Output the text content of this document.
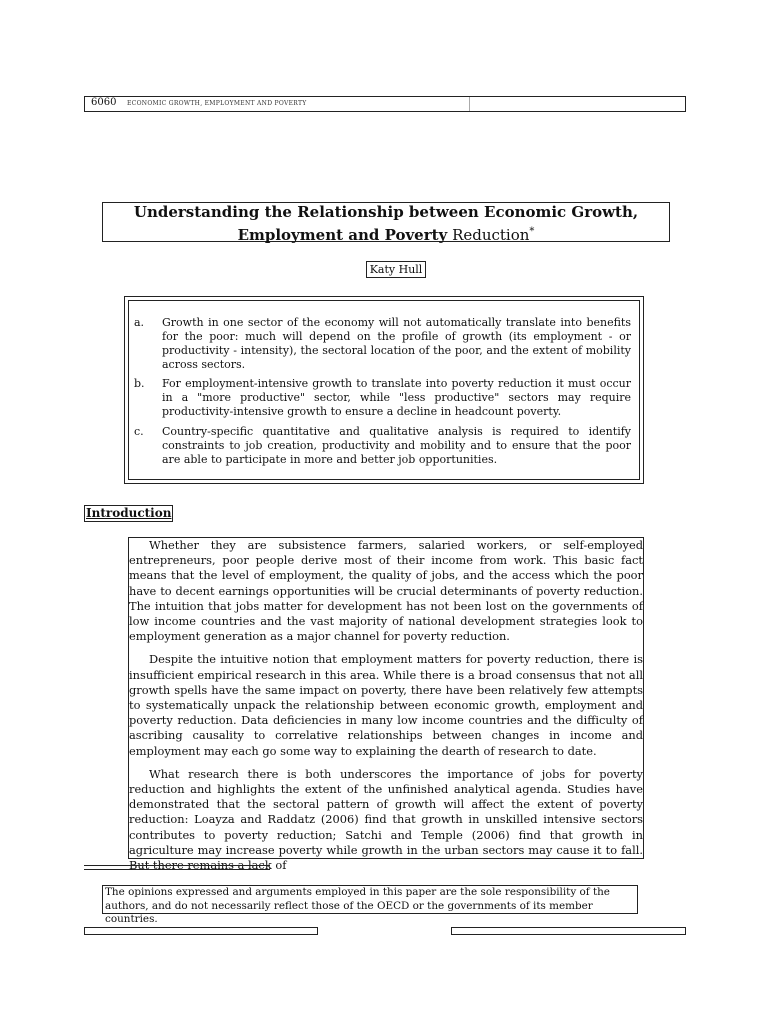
6060 ECONOMIC GROWTH, EMPLOYMENT AND POVERTY
Understanding the Relationship between Economic Growth, Employment and Poverty Reduction*
Katy Hull
a.	Growth in one sector of the economy will not automatically translate into benefits for the poor: much will depend on the profile of growth (its employment - or productivity - intensity), the sectoral location of the poor, and the extent of mobility across sectors.
b.	For employment-intensive growth to translate into poverty reduction it must occur in a "more productive" sector, while "less productive" sectors may require productivity-intensive growth to ensure a decline in headcount poverty.
c.	Country-specific quantitative and qualitative analysis is required to identify constraints to job creation, productivity and mobility and to ensure that the poor are able to participate in more and better job opportunities.
Introduction

Whether they are subsistence farmers, salaried workers, or self-employed entrepreneurs, poor people derive most of their income from work. This basic fact means that the level of employment, the quality of jobs, and the access which the poor have to decent earnings opportunities will be crucial determinants of poverty reduction. The intuition that jobs matter for development has not been lost on the governments of low income countries and the vast majority of national development strategies look to employment generation as a major channel for poverty reduction.

Despite the intuitive notion that employment matters for poverty reduction, there is insufficient empirical research in this area. While there is a broad consensus that not all growth spells have the same impact on poverty, there have been relatively few attempts to systematically unpack the relationship between economic growth, employment and poverty reduction. Data deficiencies in many low income countries and the difficulty of ascribing causality to correlative relationships between changes in income and employment may each go some way to explaining the dearth of research to date.

What research there is both underscores the importance of jobs for poverty reduction and highlights the extent of the unfinished analytical agenda. Studies have demonstrated that the sectoral pattern of growth will affect the extent of poverty reduction: Loayza and Raddatz (2006) find that growth in unskilled intensive sectors contributes to poverty reduction; Satchi and Temple (2006) find that growth in agriculture may increase poverty while growth in the urban sectors may cause it to fall. But there remains a lack of

The opinions expressed and arguments employed in this paper are the sole responsibility of the authors, and do not necessarily reflect those of the OECD or the governments of its member countries.
